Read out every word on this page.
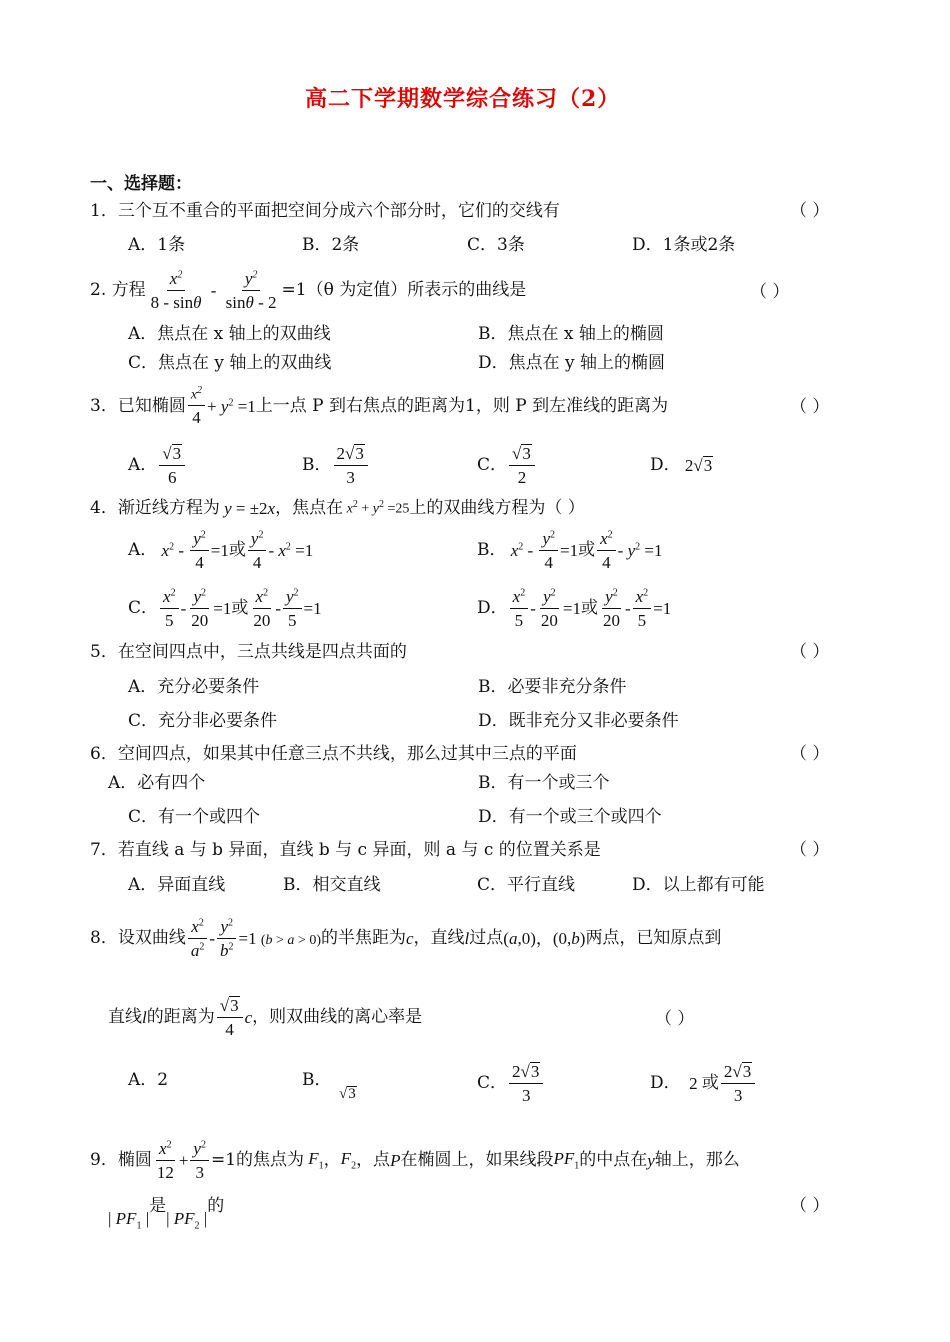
高二下学期数学综合练习（2）
一、选择题：
1．三个互不重合的平面把空间分成六个部分时，它们的交线有	（ ）
A．1条	B．2条	C．3条	D．1条或2条
2. 方程 $\frac{x^2}{8 - \sin\theta} - \frac{y^2}{\sin\theta - 2} =1(\theta$ 为定值）所表示的曲线是	（ ）
A．焦点在 x 轴上的双曲线	B．焦点在 x 轴上的椭圆
C．焦点在 y 轴上的双曲线	D．焦点在 y 轴上的椭圆
3．已知椭圆 $\frac{x^2}{4} + y^2 =1$ 上一点 P 到右焦点的距离为1，则 P 到左准线的距离为	（ ）
A． $\frac{√3}{6}$	B． $\frac{2√3}{3}$	C． $\frac{√3}{2}$	D． 2√3
4．渐近线方程为 y = ±2x ，焦点在 $x^2 + y^2 =25$ 上的双曲线方程为 （ ）
A． $x^2 - \frac{y^2}{4} =1$ 或 $\frac{y^2}{4} - x^2 =1$	B． $x^2 - \frac{y^2}{4} =1$ 或 $\frac{x^2}{4} - y^2 =1$
C． $\frac{x^2}{5} - \frac{y^2}{20} =1$ 或 $\frac{x^2}{20} - \frac{y^2}{5} =1$	D． $\frac{x^2}{5} - \frac{y^2}{20} =1$ 或 $\frac{y^2}{20} - \frac{x^2}{5} =1$
5．在空间四点中，三点共线是四点共面的	（ ）
A．充分必要条件	B．必要非充分条件
C．充分非必要条件	D．既非充分又非必要条件
6．空间四点，如果其中任意三点不共线，那么过其中三点的平面	（ ）
A．必有四个	B．有一个或三个
C．有一个或四个	D．有一个或三个或四个
7．若直线 a 与 b 异面，直线 b 与 c 异面，则 a 与 c 的位置关系是	（ ）
A．异面直线	B．相交直线	C．平行直线	D．以上都有可能
8．设双曲线 $\frac{x^2}{a^2} - \frac{y^2}{b^2} =1$ (b > a > 0) 的半焦距为 c ，直线 l 过点 (a,0)，(0,b) 两点，已知原点到
直线 l 的距离为 $\frac{√3}{4}$ c ，则双曲线的离心率是	（ ）
A．2	B．
√3
C． $\frac{2√3}{3}$	D． 2 或 $\frac{2√3}{3}$
9．椭圆 $\frac{x^2}{12} + \frac{y^2}{3} =1$的焦点为 $F_1$ ， $F_2$ ，点 P 在椭圆上，如果线段 $PF_1$ 的中点在 y 轴上，那么
| $PF_1$ |
是
| $PF_2$ |
的	（ ）
